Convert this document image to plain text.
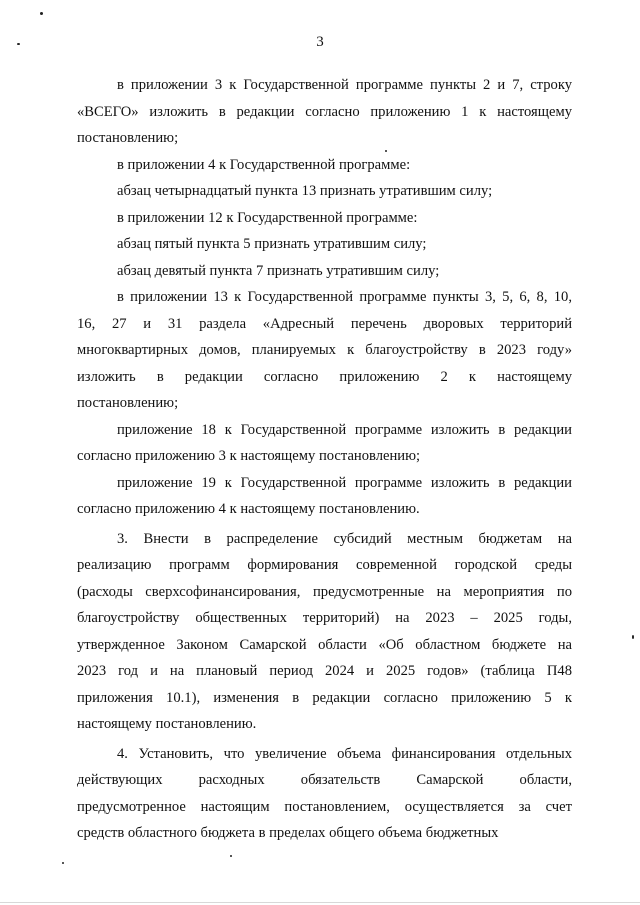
3
в приложении 3 к Государственной программе пункты 2 и 7, строку
«ВСЕГО» изложить в редакции согласно приложению 1 к настоящему
постановлению;
в приложении 4 к Государственной программе:
абзац четырнадцатый пункта 13 признать утратившим силу;
в приложении 12 к Государственной программе:
абзац пятый пункта 5 признать утратившим силу;
абзац девятый пункта 7 признать утратившим силу;
в приложении 13 к Государственной программе пункты 3, 5, 6, 8, 10,
16, 27 и 31 раздела «Адресный перечень дворовых территорий
многоквартирных домов, планируемых к благоустройству в 2023 году»
изложить в редакции согласно приложению 2 к настоящему
постановлению;
приложение 18 к Государственной программе изложить в редакции
согласно приложению 3 к настоящему постановлению;
приложение 19 к Государственной программе изложить в редакции
согласно приложению 4 к настоящему постановлению.
3. Внести в распределение субсидий местным бюджетам на
реализацию программ формирования современной городской среды
(расходы сверхсофинансирования, предусмотренные на мероприятия по
благоустройству общественных территорий) на 2023 – 2025 годы,
утвержденное Законом Самарской области «Об областном бюджете на
2023 год и на плановый период 2024 и 2025 годов» (таблица П48
приложения 10.1), изменения в редакции согласно приложению 5 к
настоящему постановлению.
4. Установить, что увеличение объема финансирования отдельных
действующих расходных обязательств Самарской области,
предусмотренное настоящим постановлением, осуществляется за счет
средств областного бюджета в пределах общего объема бюджетных
